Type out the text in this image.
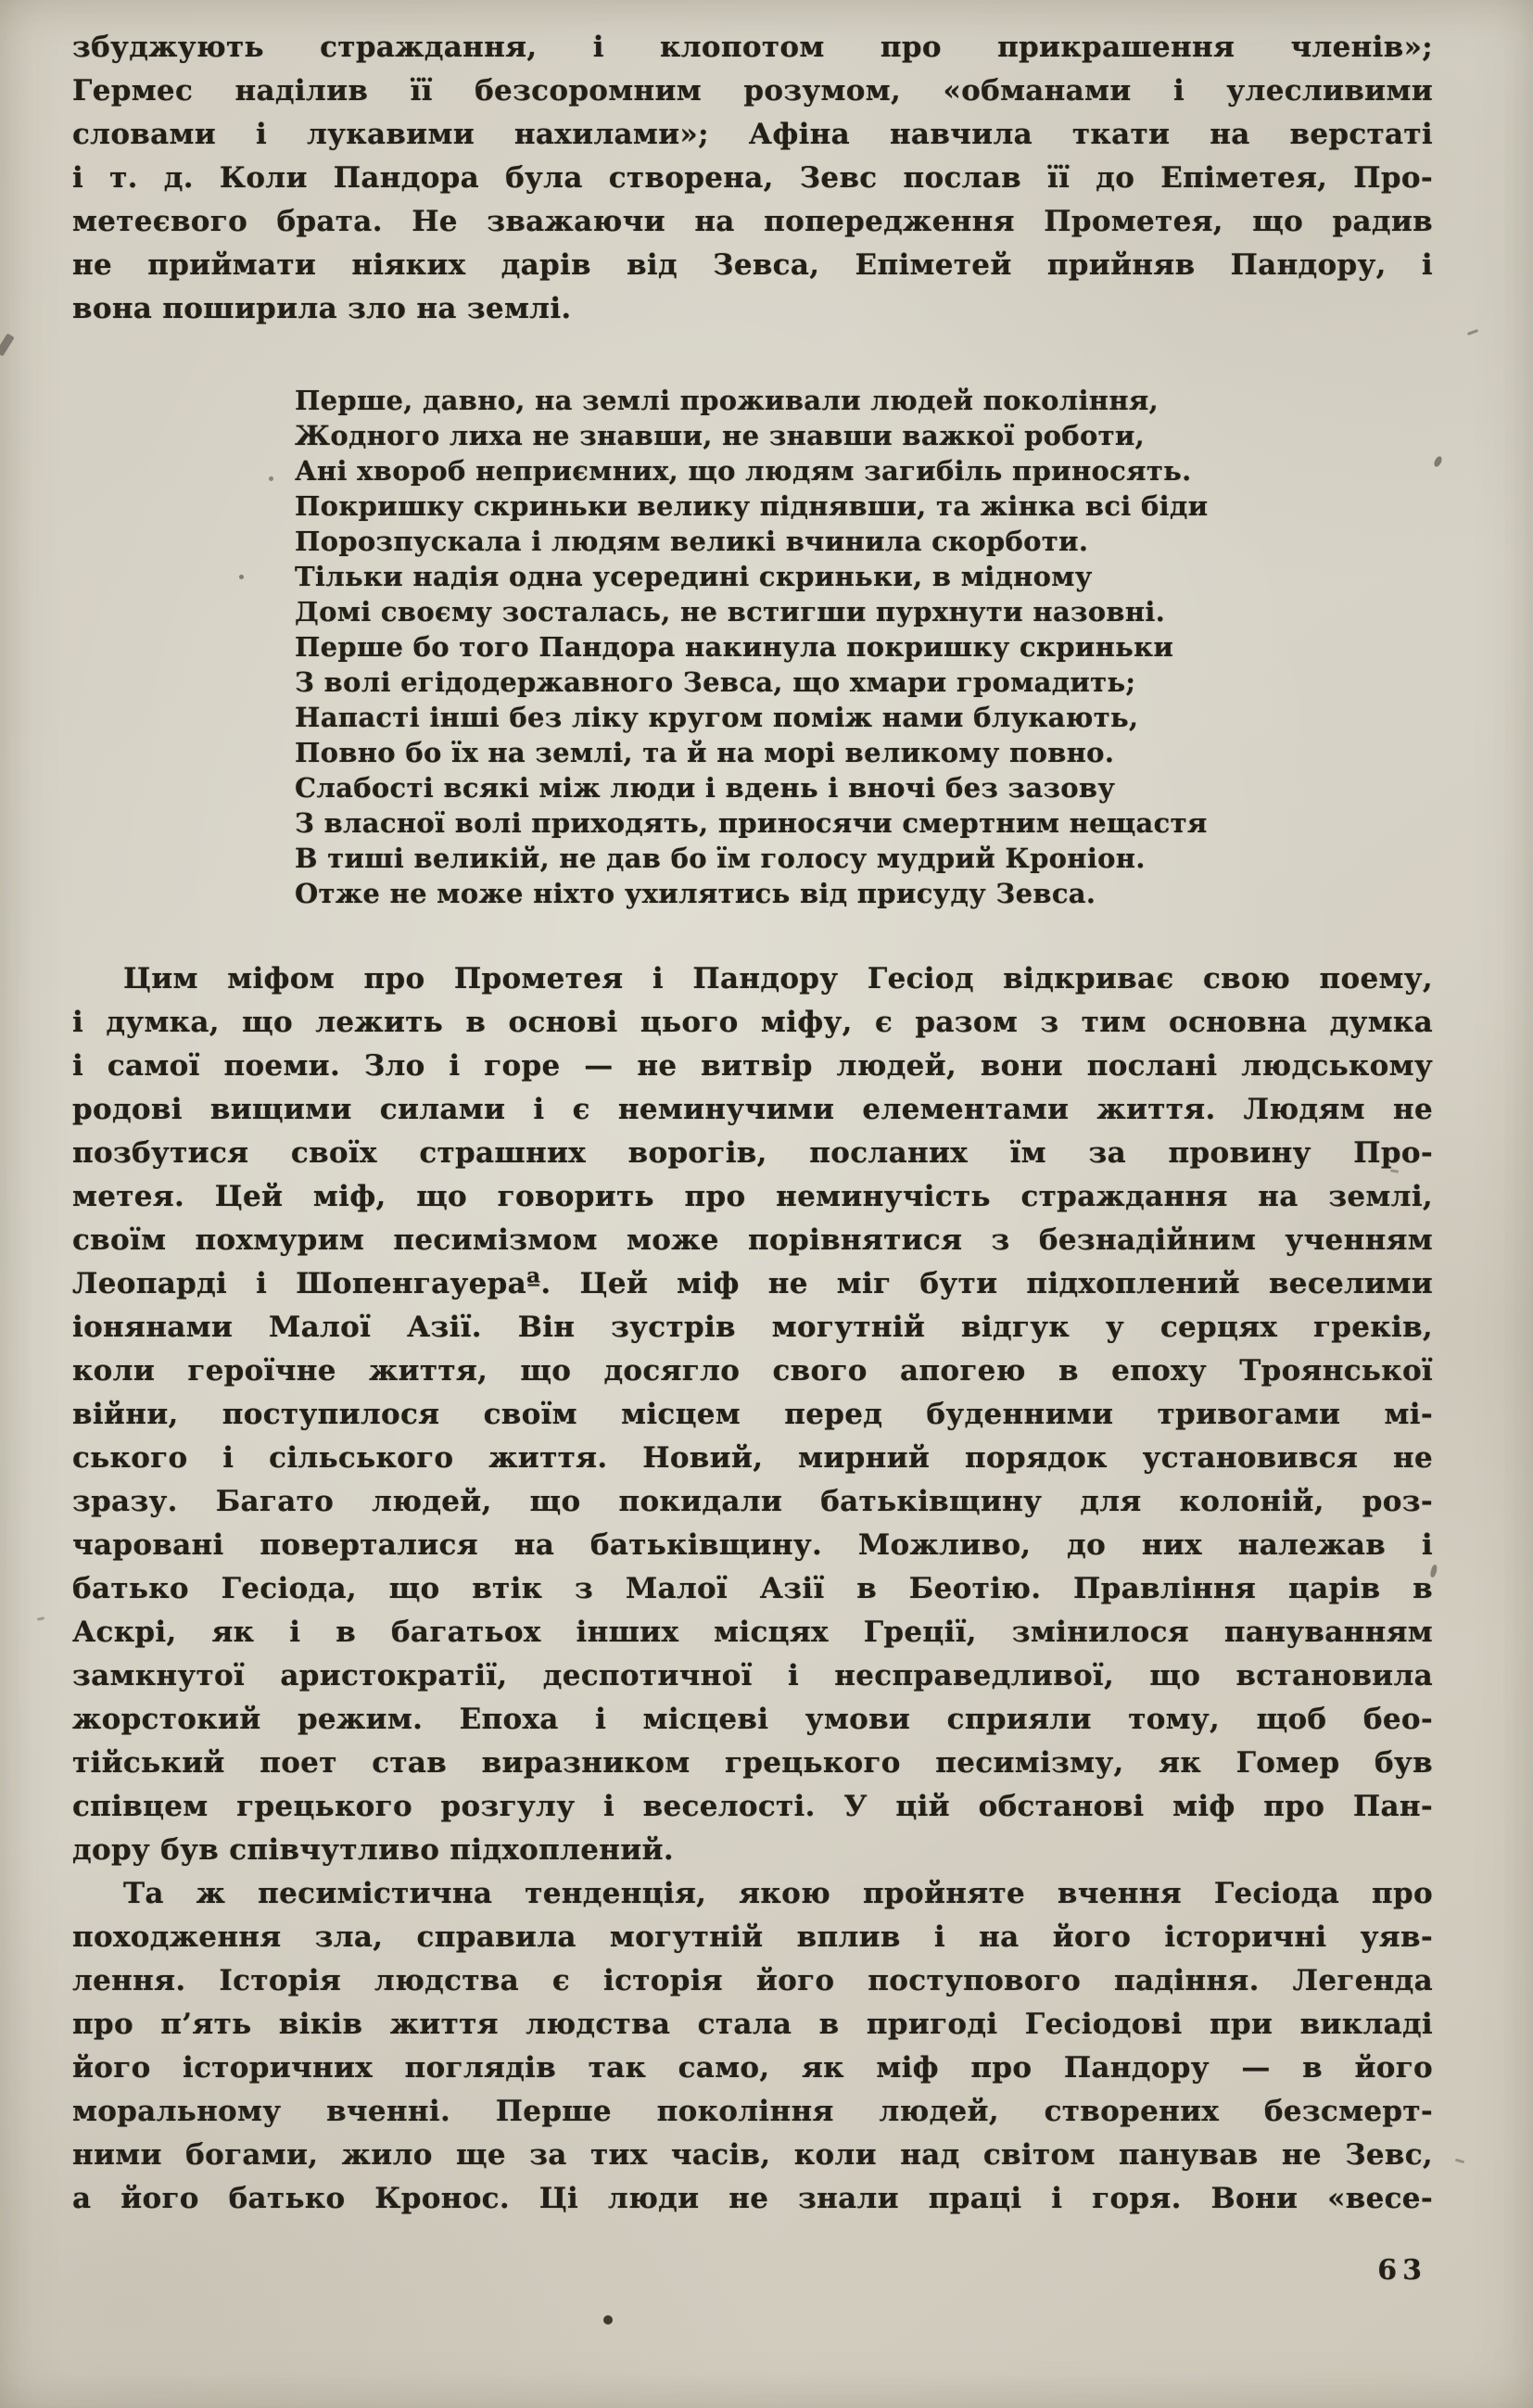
збуджують страждання, і клопотом про прикрашення членів»;
Гермес наділив її безсоромним розумом, «обманами і улесливими
словами і лукавими нахилами»; Афіна навчила ткати на верстаті
і т. д. Коли Пандора була створена, Зевс послав її до Епіметея, Про-
метеєвого брата. Не зважаючи на попередження Прометея, що радив
не приймати ніяких дарів від Зевса, Епіметей прийняв Пандору, і
вона поширила зло на землі.
Перше, давно, на землі проживали людей покоління,
Жодного лиха не знавши, не знавши важкої роботи,
Ані хвороб неприємних, що людям загибіль приносять.
Покришку скриньки велику піднявши, та жінка всі біди
Порозпускала і людям великі вчинила скорботи.
Тільки надія одна усередині скриньки, в мідному
Домі своєму зосталась, не встигши пурхнути назовні.
Перше бо того Пандора накинула покришку скриньки
З волі егідодержавного Зевса, що хмари громадить;
Напасті інші без ліку кругом поміж нами блукають,
Повно бо їх на землі, та й на морі великому повно.
Слабості всякі між люди і вдень і вночі без зазову
З власної волі приходять, приносячи смертним нещастя
В тиші великій, не дав бо їм голосу мудрий Кроніон.
Отже не може ніхто ухилятись від присуду Зевса.
Цим міфом про Прометея і Пандору Гесіод відкриває свою поему,
і думка, що лежить в основі цього міфу, є разом з тим основна думка
і самої поеми. Зло і горе — не витвір людей, вони послані людському
родові вищими силами і є неминучими елементами життя. Людям не
позбутися своїх страшних ворогів, посланих їм за провину Про-
метея. Цей міф, що говорить про неминучість страждання на землі,
своїм похмурим песимізмом може порівнятися з безнадійним ученням
Леопарді і Шопенгауераª. Цей міф не міг бути підхоплений веселими
іонянами Малої Азії. Він зустрів могутній відгук у серцях греків,
коли героїчне життя, що досягло свого апогею в епоху Троянської
війни, поступилося своїм місцем перед буденними тривогами мі-
ського і сільського життя. Новий, мирний порядок установився не
зразу. Багато людей, що покидали батьківщину для колоній, роз-
чаровані поверталися на батьківщину. Можливо, до них належав і
батько Гесіода, що втік з Малої Азії в Беотію. Правління царів в
Аскрі, як і в багатьох інших місцях Греції, змінилося пануванням
замкнутої аристократії, деспотичної і несправедливої, що встановила
жорстокий режим. Епоха і місцеві умови сприяли тому, щоб бео-
тійський поет став виразником грецького песимізму, як Гомер був
співцем грецького розгулу і веселості. У цій обстанові міф про Пан-
дору був співчутливо підхоплений.
Та ж песимістична тенденція, якою пройняте вчення Гесіода про
походження зла, справила могутній вплив і на його історичні уяв-
лення. Історія людства є історія його поступового падіння. Легенда
про п’ять віків життя людства стала в пригоді Гесіодові при викладі
його історичних поглядів так само, як міф про Пандору — в його
моральному вченні. Перше покоління людей, створених безсмерт-
ними богами, жило ще за тих часів, коли над світом панував не Зевс,
а його батько Кронос. Ці люди не знали праці і горя. Вони «весе-
63
